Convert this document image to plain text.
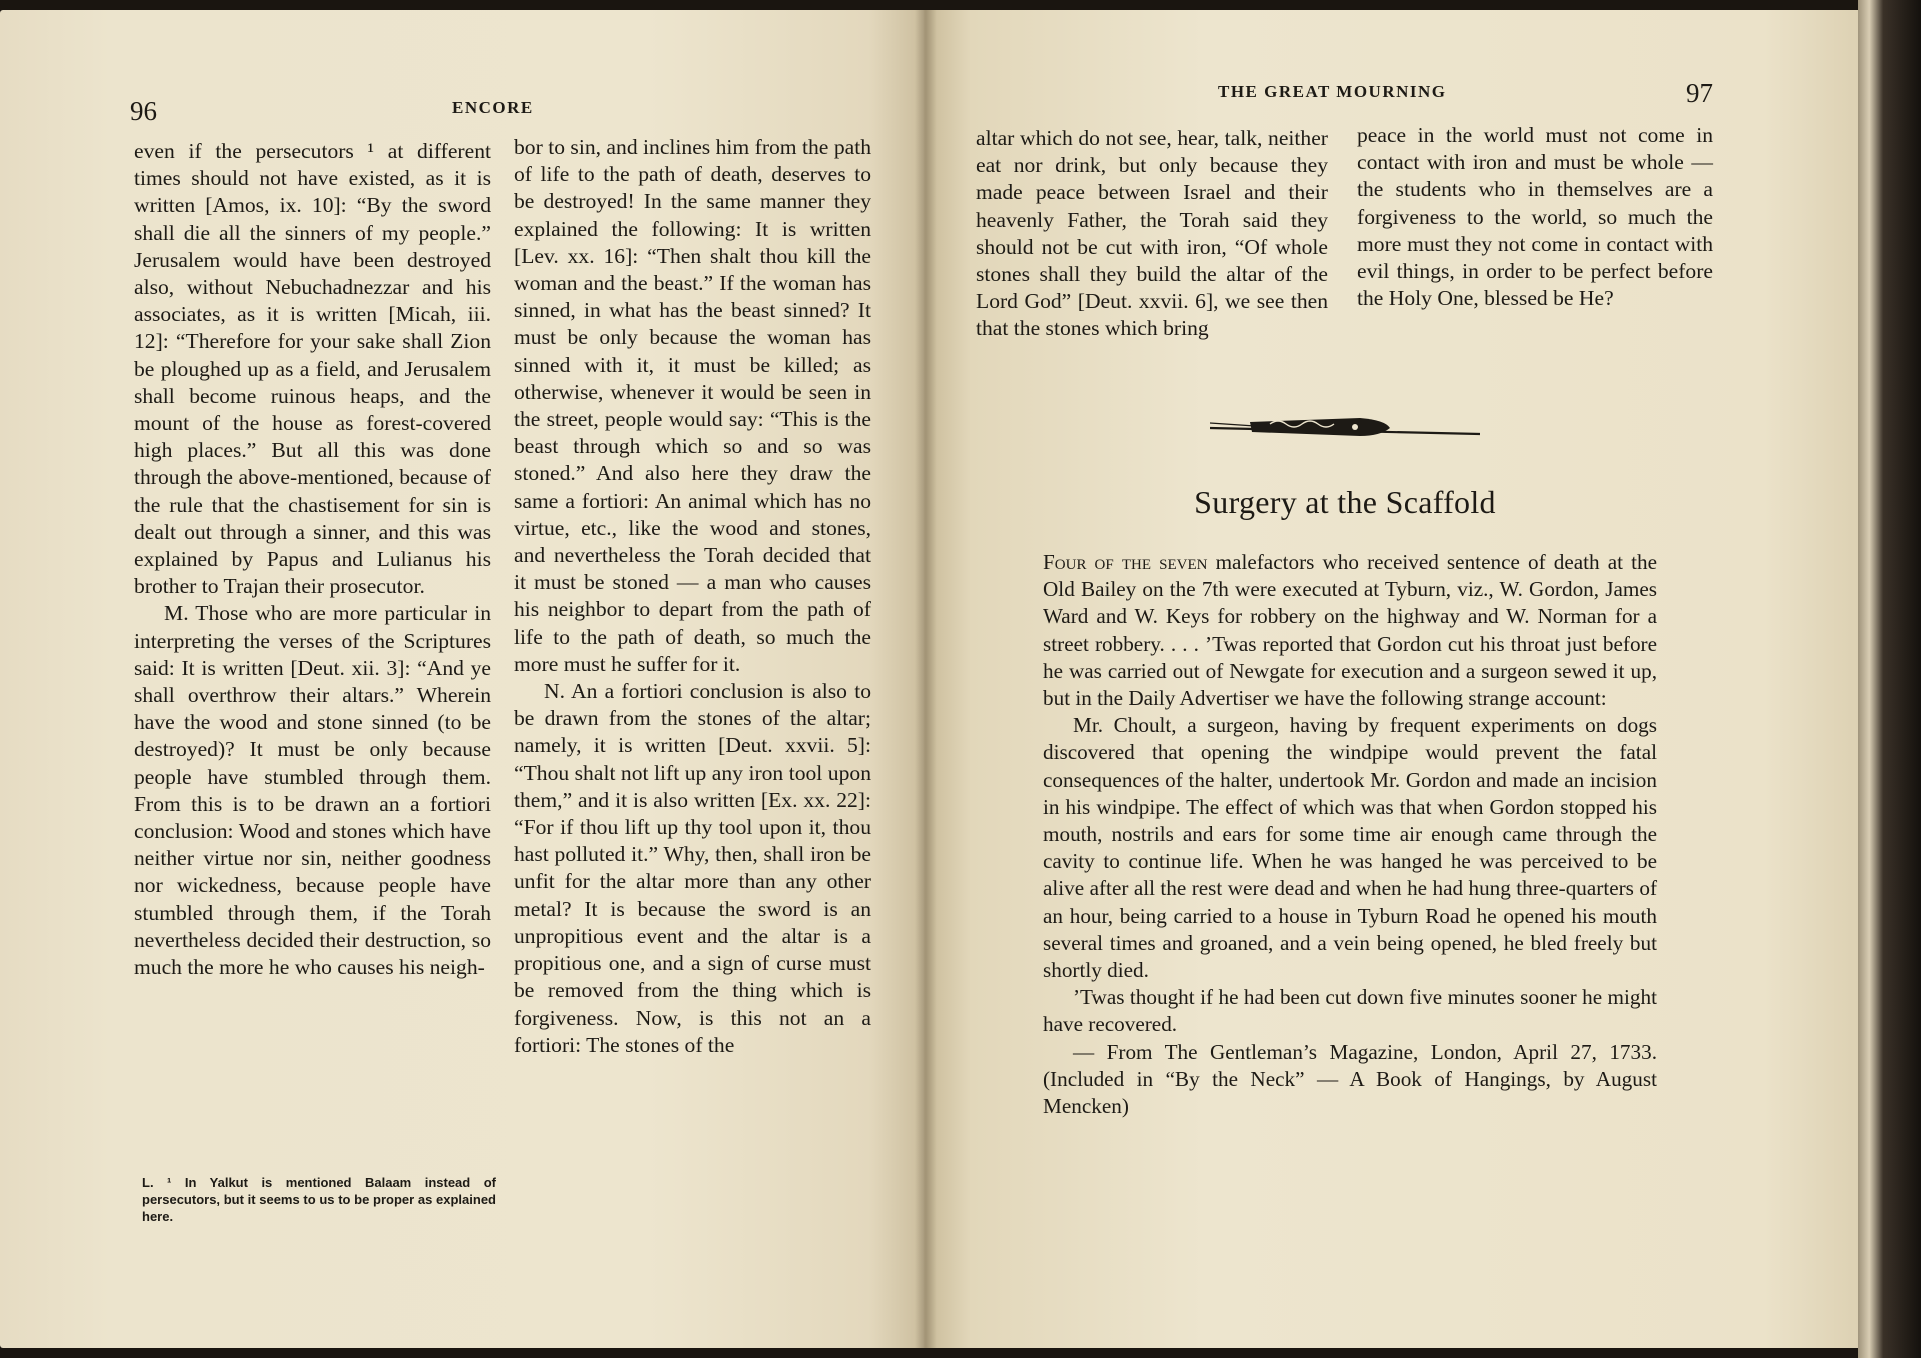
96	ENCORE

even if the persecutors ¹ at different times should not have existed, as it is written [Amos, ix. 10]: “By the sword shall die all the sinners of my people.” Jerusalem would have been destroyed also, without Nebuchadnezzar and his associates, as it is written [Micah, iii. 12]: “Therefore for your sake shall Zion be ploughed up as a field, and Jerusalem shall become ruinous heaps, and the mount of the house as forest-covered high places.” But all this was done through the above-mentioned, because of the rule that the chastisement for sin is dealt out through a sinner, and this was explained by Papus and Lulianus his brother to Trajan their prosecutor.

M. Those who are more particular in interpreting the verses of the Scriptures said: It is written [Deut. xii. 3]: “And ye shall overthrow their altars.” Wherein have the wood and stone sinned (to be destroyed)? It must be only because people have stumbled through them. From this is to be drawn an a fortiori conclusion: Wood and stones which have neither virtue nor sin, neither goodness nor wickedness, because people have stumbled through them, if the Torah nevertheless decided their destruction, so much the more he who causes his neigh-

L. ¹ In Yalkut is mentioned Balaam instead of persecutors, but it seems to us to be proper as explained here.

bor to sin, and inclines him from the path of life to the path of death, deserves to be destroyed! In the same manner they explained the following: It is written [Lev. xx. 16]: “Then shalt thou kill the woman and the beast.” If the woman has sinned, in what has the beast sinned? It must be only because the woman has sinned with it, it must be killed; as otherwise, whenever it would be seen in the street, people would say: “This is the beast through which so and so was stoned.” And also here they draw the same a fortiori: An animal which has no virtue, etc., like the wood and stones, and nevertheless the Torah decided that it must be stoned — a man who causes his neighbor to depart from the path of life to the path of death, so much the more must he suffer for it.

N. An a fortiori conclusion is also to be drawn from the stones of the altar; namely, it is written [Deut. xxvii. 5]: “Thou shalt not lift up any iron tool upon them,” and it is also written [Ex. xx. 22]: “For if thou lift up thy tool upon it, thou hast polluted it.” Why, then, shall iron be unfit for the altar more than any other metal? It is because the sword is an unpropitious event and the altar is a propitious one, and a sign of curse must be removed from the thing which is forgiveness. Now, is this not an a fortiori: The stones of the

THE GREAT MOURNING	97

altar which do not see, hear, talk, neither eat nor drink, but only because they made peace between Israel and their heavenly Father, the Torah said they should not be cut with iron, “Of whole stones shall they build the altar of the Lord God” [Deut. xxvii. 6], we see then that the stones which bring

peace in the world must not come in contact with iron and must be whole — the students who in themselves are a forgiveness to the world, so much the more must they not come in contact with evil things, in order to be perfect before the Holy One, blessed be He?

Surgery at the Scaffold

Four of the seven malefactors who received sentence of death at the Old Bailey on the 7th were executed at Tyburn, viz., W. Gordon, James Ward and W. Keys for robbery on the highway and W. Norman for a street robbery. . . . ’Twas reported that Gordon cut his throat just before he was carried out of Newgate for execution and a surgeon sewed it up, but in the Daily Advertiser we have the following strange account:

Mr. Choult, a surgeon, having by frequent experiments on dogs discovered that opening the windpipe would prevent the fatal consequences of the halter, undertook Mr. Gordon and made an incision in his windpipe. The effect of which was that when Gordon stopped his mouth, nostrils and ears for some time air enough came through the cavity to continue life. When he was hanged he was perceived to be alive after all the rest were dead and when he had hung three-quarters of an hour, being carried to a house in Tyburn Road he opened his mouth several times and groaned, and a vein being opened, he bled freely but shortly died.

’Twas thought if he had been cut down five minutes sooner he might have recovered.

— From The Gentleman’s Magazine, London, April 27, 1733. (Included in “By the Neck” — A Book of Hangings, by August Mencken)
